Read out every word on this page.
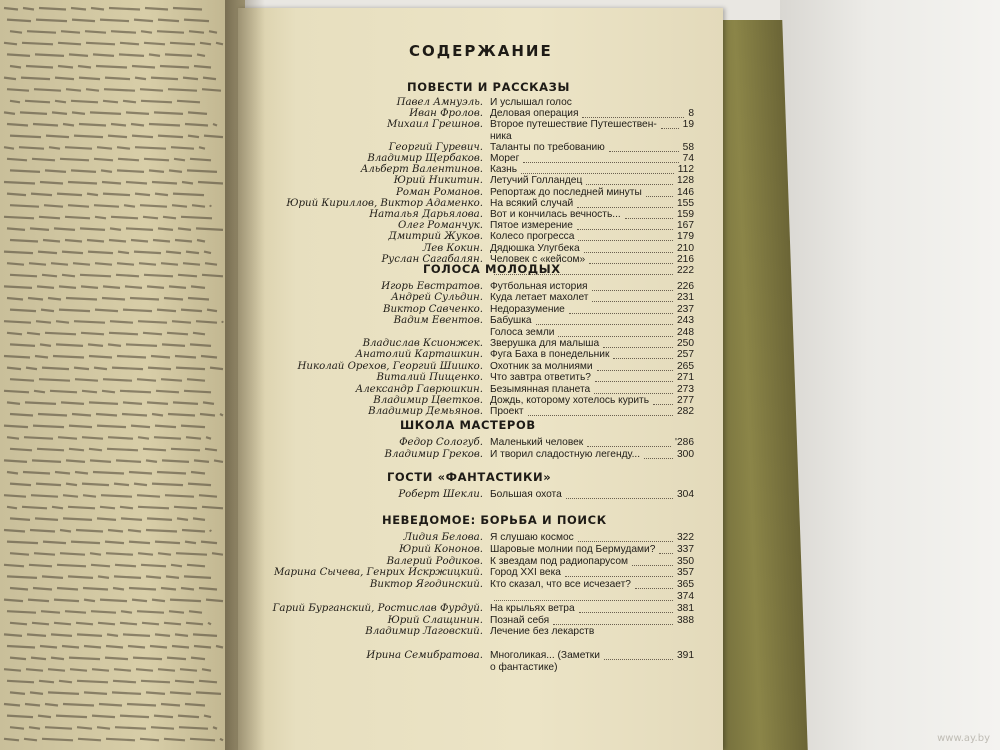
СОДЕРЖАНИЕ
ПОВЕСТИ И РАССКАЗЫ
ГОЛОСА МОЛОДЫХ
ШКОЛА МАСТЕРОВ
ГОСТИ «ФАНТАСТИКИ»
НЕВЕДОМОЕ: БОРЬБА И ПОИСК
Павел Амнуэль. И услышал голос
Иван Фролов. Деловая операция	8
Михаил Грешнов. Второе путешествие Путешествен-	19
ника
Георгий Гуревич. Таланты по требованию	58
Владимир Щербаков. Морег	74
Альберт Валентинов. Казнь	112
Юрий Никитин. Летучий Голландец	128
Роман Романов. Репортаж до последней минуты	146
Юрий Кириллов, Виктор Адаменко. На всякий случай	155
Наталья Дарьялова. Вот и кончилась вечность...	159
Олег Романчук. Пятое измерение	167
Дмитрий Жуков. Колесо прогресса	179
Лев Кокин. Дядюшка Улугбека	210
Руслан Сагабалян. Человек с «кейсом»	216
222
Игорь Евстратов. Футбольная история	226
Андрей Сульдин. Куда летает махолет	231
Виктор Савченко. Недоразумение	237
Вадим Евентов. Бабушка	243
Голоса земли	248
Владислав Ксионжек. Зверушка для малыша	250
Анатолий Карташкин. Фуга Баха в понедельник	257
Николай Орехов, Георгий Шишко. Охотник за молниями	265
Виталий Пищенко. Что завтра ответить?	271
Александр Гаврюшкин. Безымянная планета	273
Владимир Цветков. Дождь, которому хотелось курить	277
Владимир Демьянов. Проект	282
Федор Сологуб. Маленький человек	'286
Владимир Греков. И творил сладостную легенду...	300
Роберт Шекли. Большая охота	304
Лидия Белова. Я слушаю космос	322
Юрий Кононов. Шаровые молнии под Бермудами? 337
Валерий Родиков. К звездам под радиопарусом	350
Марина Сычева, Генрих Искржицкий. Город XXI века	357
Виктор Ягодинский. Кто сказал, что все исчезает?	365
374
Гарий Бурганский, Ростислав Фурдуй. На крыльях ветра	381
Юрий Слащинин. Познай себя	388
Владимир Лаговский. Лечение без лекарств
Ирина Семибратова. Многоликая... (Заметки	391
о фантастике)
www.ay.by
